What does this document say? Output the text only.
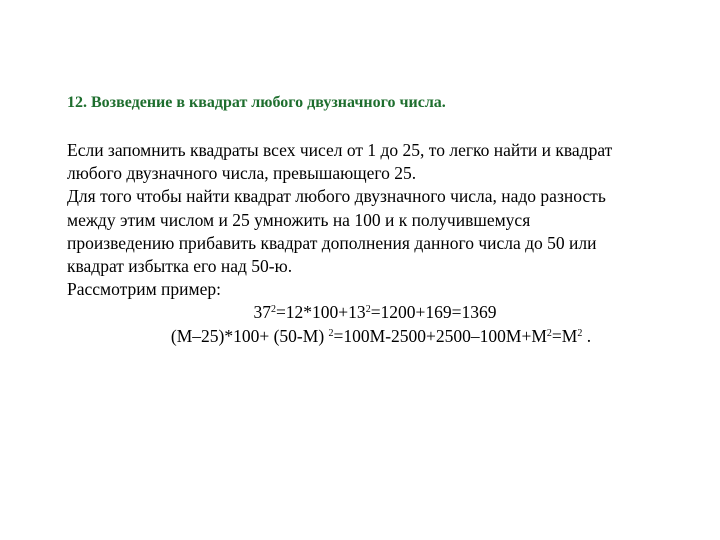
12. Возведение в квадрат любого двузначного числа.
Если запомнить квадраты всех чисел от 1 до 25, то легко найти и квадрат
любого двузначного числа, превышающего 25.
Для того чтобы найти квадрат любого двузначного числа, надо разность
между этим числом и 25 умножить на 100 и к получившемуся
произведению прибавить квадрат дополнения данного числа до 50 или
квадрат избытка его над 50-ю.
Рассмотрим пример:
$37^2=12*100+13^2=1200+169=1369$
(М–25)*100+ (50-М) $^2=100М-2500+2500-100М+М^2=М^2$ .
